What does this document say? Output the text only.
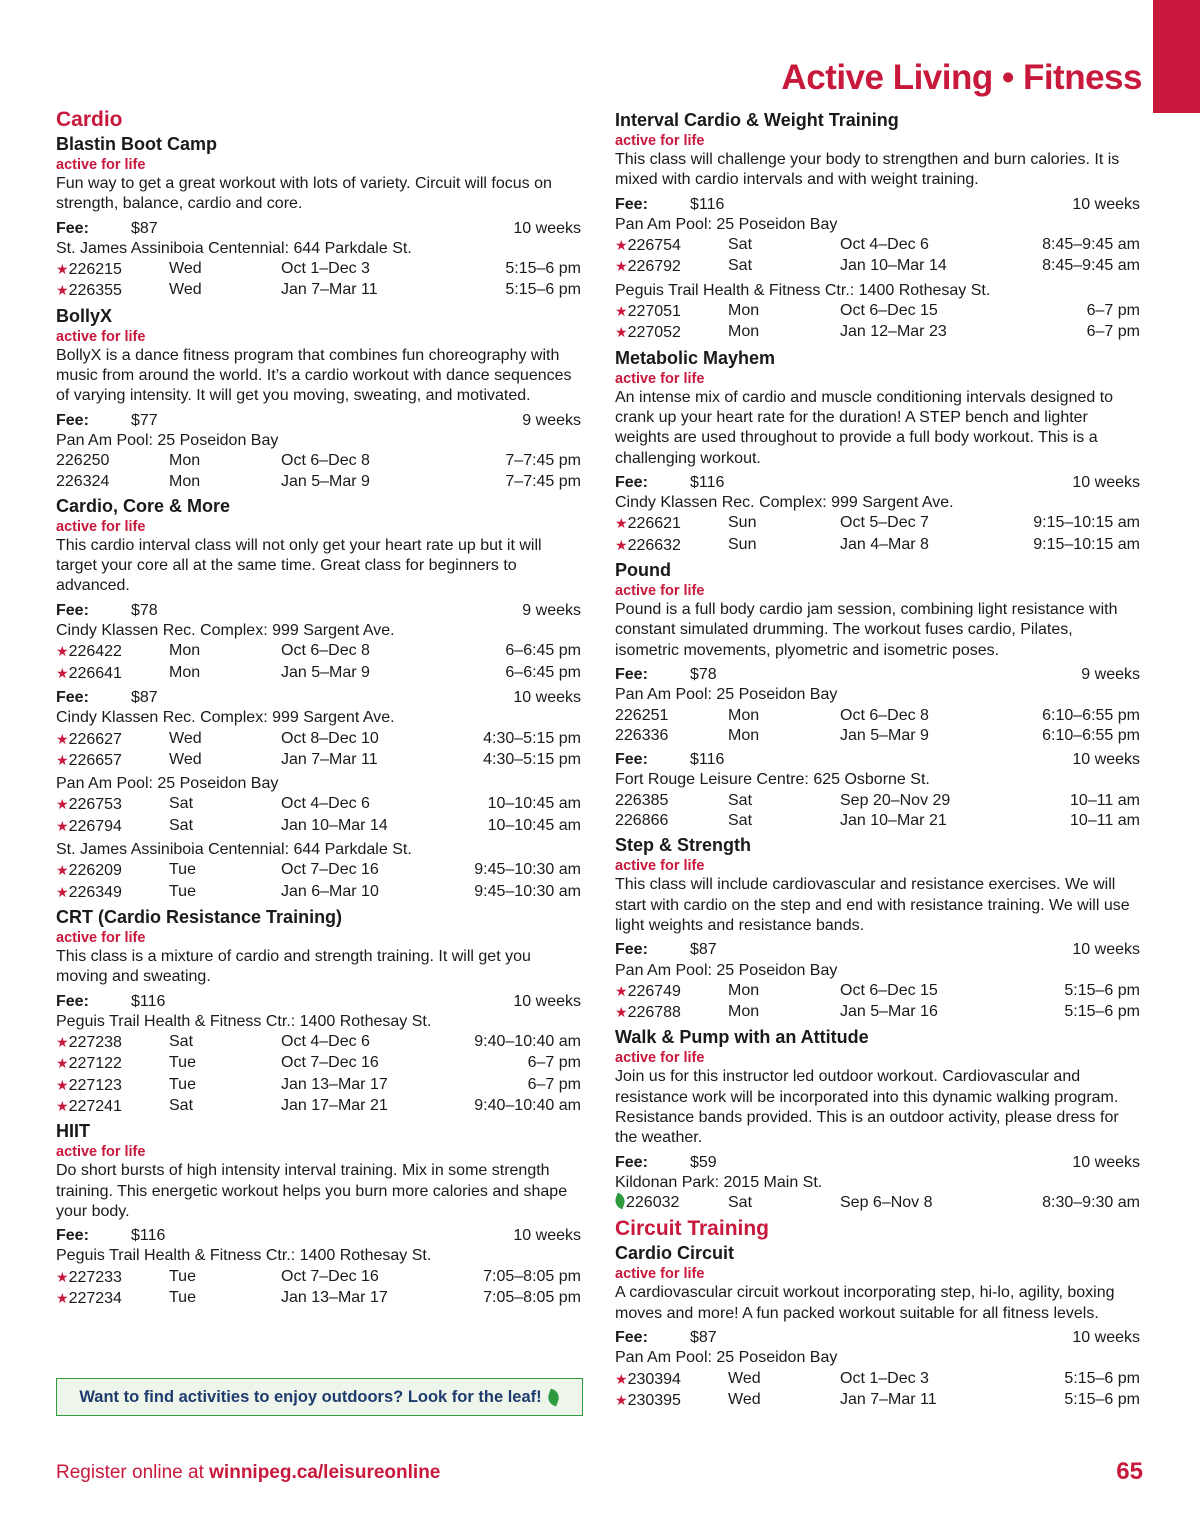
Active Living • Fitness
Cardio
Blastin Boot Camp
active for life
Fun way to get a great workout with lots of variety. Circuit will focus on strength, balance, cardio and core.
Fee:	$87	10 weeks
St. James Assiniboia Centennial: 644 Parkdale St.
★226215	Wed	Oct 1–Dec 3	5:15–6 pm
★226355	Wed	Jan 7–Mar 11	5:15–6 pm
BollyX
active for life
BollyX is a dance fitness program that combines fun choreography with music from around the world. It’s a cardio workout with dance sequences of varying intensity. It will get you moving, sweating, and motivated.
Fee:	$77	9 weeks
Pan Am Pool: 25 Poseidon Bay
226250	Mon	Oct 6–Dec 8	7–7:45 pm
226324	Mon	Jan 5–Mar 9	7–7:45 pm
Cardio, Core & More
active for life
This cardio interval class will not only get your heart rate up but it will target your core all at the same time. Great class for beginners to advanced.
Fee:	$78	9 weeks
Cindy Klassen Rec. Complex: 999 Sargent Ave.
★226422	Mon	Oct 6–Dec 8	6–6:45 pm
★226641	Mon	Jan 5–Mar 9	6–6:45 pm
Fee:	$87	10 weeks
Cindy Klassen Rec. Complex: 999 Sargent Ave.
★226627	Wed	Oct 8–Dec 10	4:30–5:15 pm
★226657	Wed	Jan 7–Mar 11	4:30–5:15 pm
Pan Am Pool: 25 Poseidon Bay
★226753	Sat	Oct 4–Dec 6	10–10:45 am
★226794	Sat	Jan 10–Mar 14	10–10:45 am
St. James Assiniboia Centennial: 644 Parkdale St.
★226209	Tue	Oct 7–Dec 16	9:45–10:30 am
★226349	Tue	Jan 6–Mar 10	9:45–10:30 am
CRT (Cardio Resistance Training)
active for life
This class is a mixture of cardio and strength training. It will get you moving and sweating.
Fee:	$116	10 weeks
Peguis Trail Health & Fitness Ctr.: 1400 Rothesay St.
★227238	Sat	Oct 4–Dec 6	9:40–10:40 am
★227122	Tue	Oct 7–Dec 16	6–7 pm
★227123	Tue	Jan 13–Mar 17	6–7 pm
★227241	Sat	Jan 17–Mar 21	9:40–10:40 am
HIIT
active for life
Do short bursts of high intensity interval training. Mix in some strength training. This energetic workout helps you burn more calories and shape your body.
Fee:	$116	10 weeks
Peguis Trail Health & Fitness Ctr.: 1400 Rothesay St.
★227233	Tue	Oct 7–Dec 16	7:05–8:05 pm
★227234	Tue	Jan 13–Mar 17	7:05–8:05 pm
Interval Cardio & Weight Training
active for life
This class will challenge your body to strengthen and burn calories. It is mixed with cardio intervals and with weight training.
Fee:	$116	10 weeks
Pan Am Pool: 25 Poseidon Bay
★226754	Sat	Oct 4–Dec 6	8:45–9:45 am
★226792	Sat	Jan 10–Mar 14	8:45–9:45 am
Peguis Trail Health & Fitness Ctr.: 1400 Rothesay St.
★227051	Mon	Oct 6–Dec 15	6–7 pm
★227052	Mon	Jan 12–Mar 23	6–7 pm
Metabolic Mayhem
active for life
An intense mix of cardio and muscle conditioning intervals designed to crank up your heart rate for the duration! A STEP bench and lighter weights are used throughout to provide a full body workout. This is a challenging workout.
Fee:	$116	10 weeks
Cindy Klassen Rec. Complex: 999 Sargent Ave.
★226621	Sun	Oct 5–Dec 7	9:15–10:15 am
★226632	Sun	Jan 4–Mar 8	9:15–10:15 am
Pound
active for life
Pound is a full body cardio jam session, combining light resistance with constant simulated drumming. The workout fuses cardio, Pilates, isometric movements, plyometric and isometric poses.
Fee:	$78	9 weeks
Pan Am Pool: 25 Poseidon Bay
226251	Mon	Oct 6–Dec 8	6:10–6:55 pm
226336	Mon	Jan 5–Mar 9	6:10–6:55 pm
Fee:	$116	10 weeks
Fort Rouge Leisure Centre: 625 Osborne St.
226385	Sat	Sep 20–Nov 29	10–11 am
226866	Sat	Jan 10–Mar 21	10–11 am
Step & Strength
active for life
This class will include cardiovascular and resistance exercises. We will start with cardio on the step and end with resistance training. We will use light weights and resistance bands.
Fee:	$87	10 weeks
Pan Am Pool: 25 Poseidon Bay
★226749	Mon	Oct 6–Dec 15	5:15–6 pm
★226788	Mon	Jan 5–Mar 16	5:15–6 pm
Walk & Pump with an Attitude
active for life
Join us for this instructor led outdoor workout. Cardiovascular and resistance work will be incorporated into this dynamic walking program. Resistance bands provided. This is an outdoor activity, please dress for the weather.
Fee:	$59	10 weeks
Kildonan Park: 2015 Main St.
226032	Sat	Sep 6–Nov 8	8:30–9:30 am
Circuit Training
Cardio Circuit
active for life
A cardiovascular circuit workout incorporating step, hi-lo, agility, boxing moves and more! A fun packed workout suitable for all fitness levels.
Fee:	$87	10 weeks
Pan Am Pool: 25 Poseidon Bay
★230394	Wed	Oct 1–Dec 3	5:15–6 pm
★230395	Wed	Jan 7–Mar 11	5:15–6 pm
Want to find activities to enjoy outdoors? Look for the leaf!
Register online at winnipeg.ca/leisureonline	65
